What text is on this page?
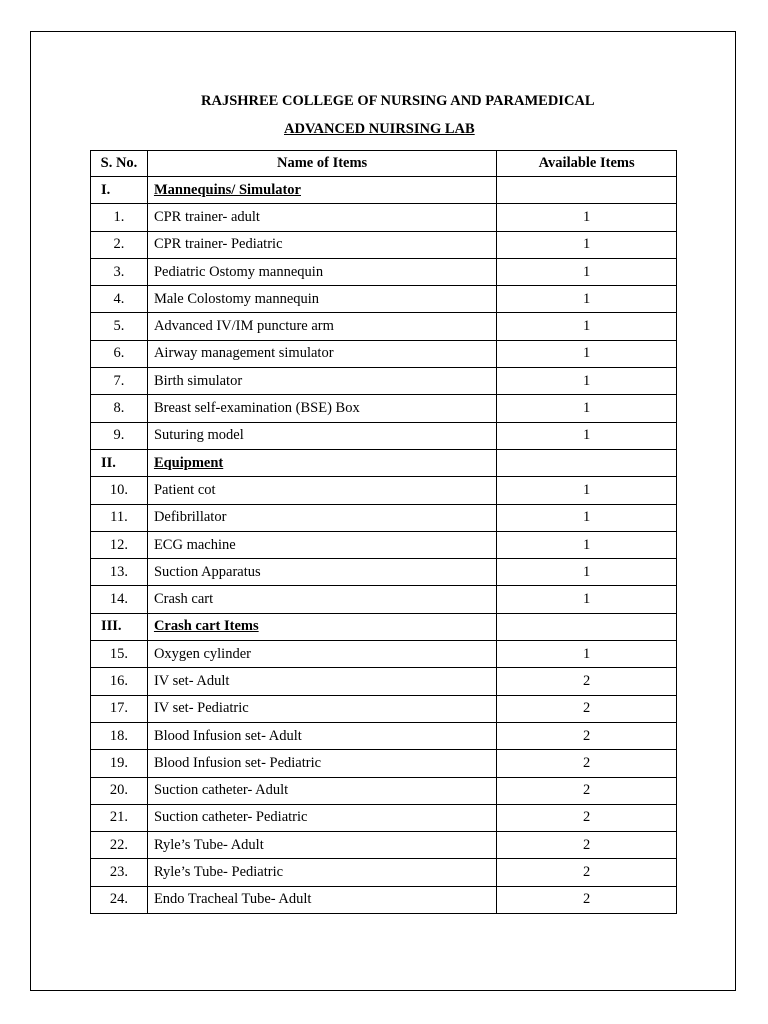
RAJSHREE COLLEGE OF NURSING AND PARAMEDICAL
ADVANCED NUIRSING LAB
S. No.	Name of Items	Available Items
I.	Mannequins/ Simulator	
1.	CPR trainer- adult	1
2.	CPR trainer- Pediatric	1
3.	Pediatric Ostomy mannequin	1
4.	Male Colostomy mannequin	1
5.	Advanced IV/IM puncture arm	1
6.	Airway management simulator	1
7.	Birth simulator	1
8.	Breast self-examination (BSE) Box	1
9.	Suturing model	1
II.	Equipment	
10.	Patient cot	1
11.	Defibrillator	1
12.	ECG machine	1
13.	Suction Apparatus	1
14.	Crash cart	1
III.	Crash cart Items	
15.	Oxygen cylinder	1
16.	IV set- Adult	2
17.	IV set- Pediatric	2
18.	Blood Infusion set- Adult	2
19.	Blood Infusion set- Pediatric	2
20.	Suction catheter- Adult	2
21.	Suction catheter- Pediatric	2
22.	Ryle’s Tube- Adult	2
23.	Ryle’s Tube- Pediatric	2
24.	Endo Tracheal Tube- Adult	2
